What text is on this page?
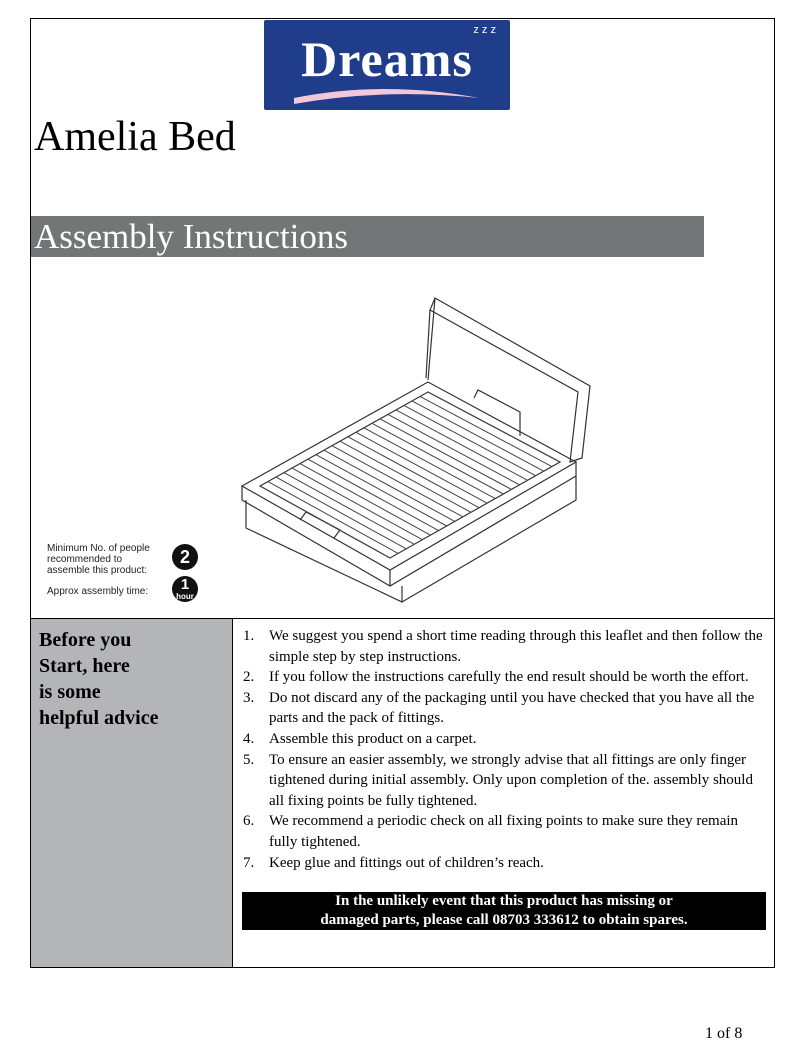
Dreams
z z z
Amelia Bed
Assembly Instructions
Minimum No. of people recommended to assemble this product:
2
Approx assembly time:	1
hour
Before you
Start, here
is some
helpful advice
1. We suggest you spend a short time reading through this leaflet and then follow the simple step by step instructions.
2. If you follow the instructions carefully the end result should be worth the effort.
3. Do not discard any of the packaging until you have checked that you have all the parts and the pack of fittings.
4. Assemble this product on a carpet.
5. To ensure an easier assembly, we strongly advise that all fittings are only finger tightened during initial assembly. Only upon completion of the. assembly should all fixing points be fully tightened.
6. We recommend a periodic check on all fixing points to make sure they remain fully tightened.
7. Keep glue and fittings out of children’s reach.
In the unlikely event that this product has missing or
damaged parts, please call 08703 333612 to obtain spares.
1 of 8
